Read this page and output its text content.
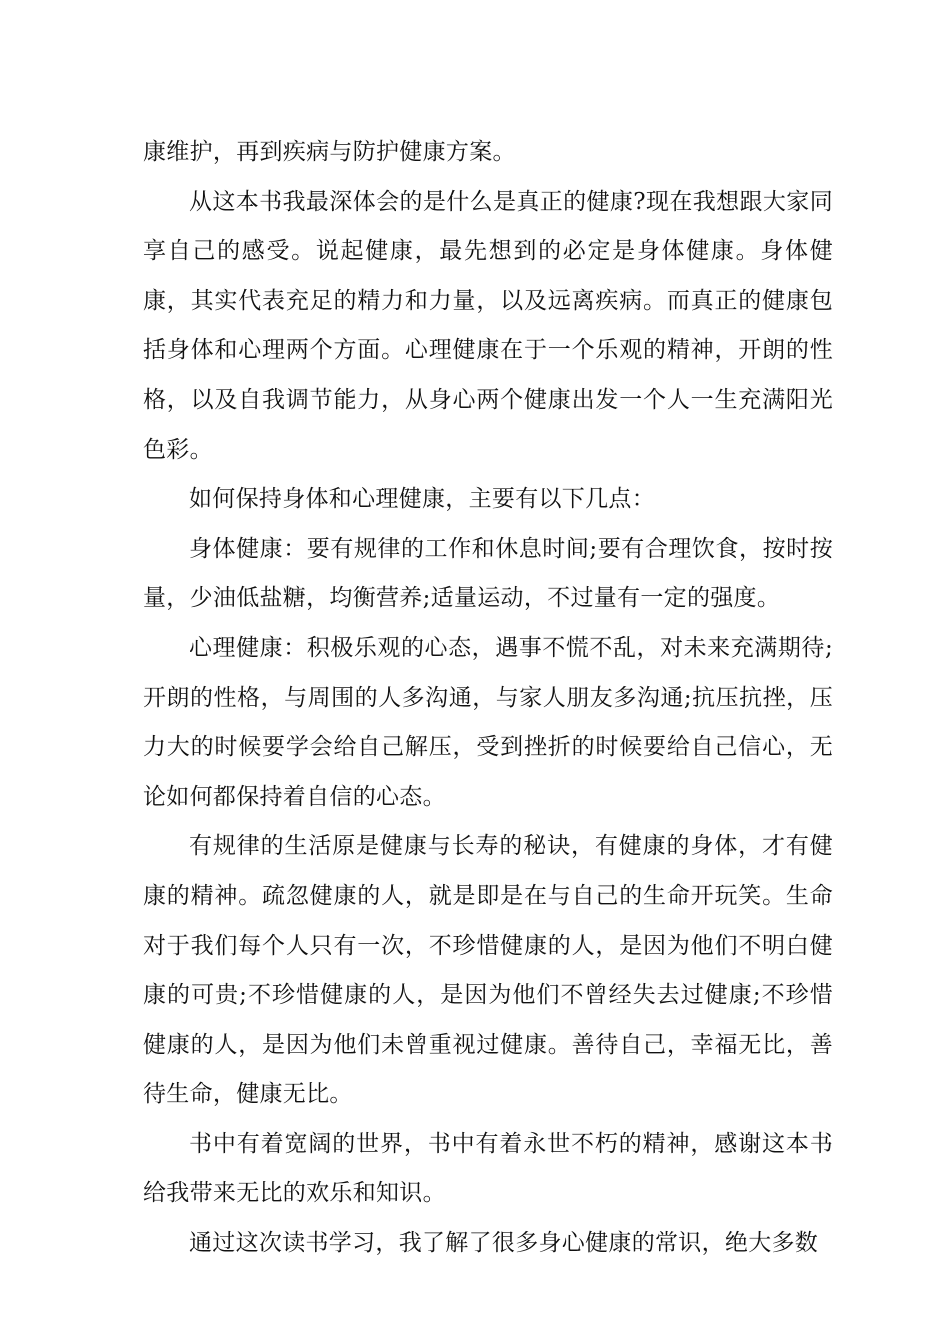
康维护，再到疾病与防护健康方案。

从这本书我最深体会的是什么是真正的健康?现在我想跟大家同享自己的感受。说起健康，最先想到的必定是身体健康。身体健康，其实代表充足的精力和力量，以及远离疾病。而真正的健康包括身体和心理两个方面。心理健康在于一个乐观的精神，开朗的性格，以及自我调节能力，从身心两个健康出发一个人一生充满阳光色彩。

如何保持身体和心理健康，主要有以下几点：

身体健康：要有规律的工作和休息时间;要有合理饮食，按时按量，少油低盐糖，均衡营养;适量运动，不过量有一定的强度。

心理健康：积极乐观的心态，遇事不慌不乱，对未来充满期待;开朗的性格，与周围的人多沟通，与家人朋友多沟通;抗压抗挫，压力大的时候要学会给自己解压，受到挫折的时候要给自己信心，无论如何都保持着自信的心态。

有规律的生活原是健康与长寿的秘诀，有健康的身体，才有健康的精神。疏忽健康的人，就是即是在与自己的生命开玩笑。生命对于我们每个人只有一次，不珍惜健康的人，是因为他们不明白健康的可贵;不珍惜健康的人，是因为他们不曾经失去过健康;不珍惜健康的人，是因为他们未曾重视过健康。善待自己，幸福无比，善待生命，健康无比。

书中有着宽阔的世界，书中有着永世不朽的精神，感谢这本书给我带来无比的欢乐和知识。

通过这次读书学习，我了解了很多身心健康的常识，绝大多数
